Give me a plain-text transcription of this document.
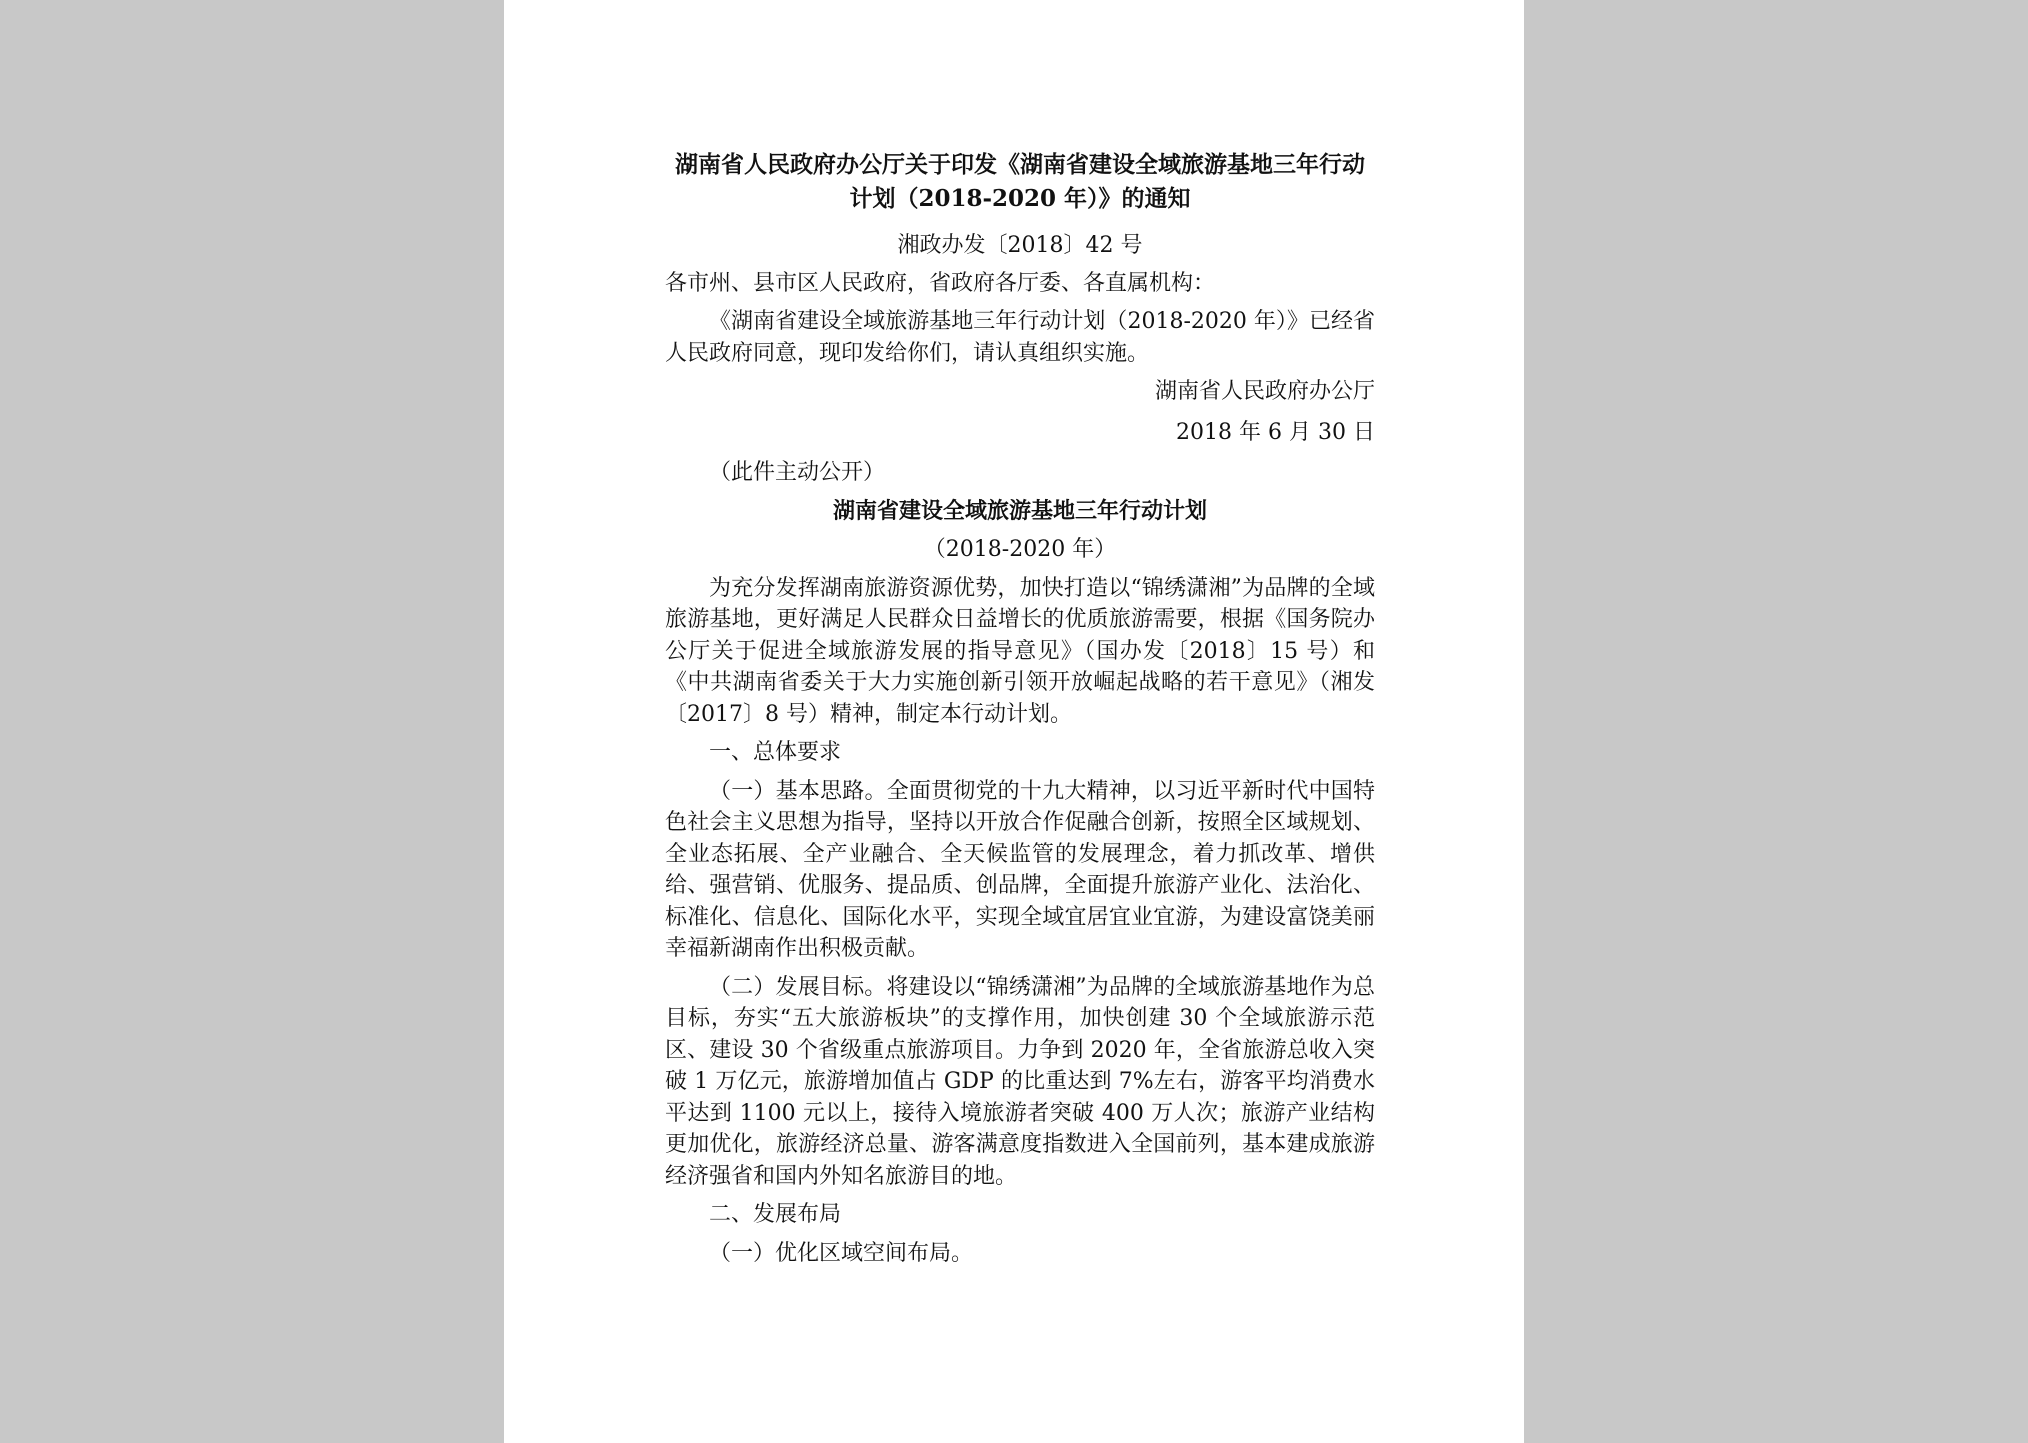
湖南省人民政府办公厅关于印发《湖南省建设全域旅游基地三年行动计划（2018-2020 年）》的通知
湘政办发〔2018〕42 号
各市州、县市区人民政府，省政府各厅委、各直属机构：
《湖南省建设全域旅游基地三年行动计划（2018-2020 年）》已经省人民政府同意，现印发给你们，请认真组织实施。
湖南省人民政府办公厅
2018 年 6 月 30 日
（此件主动公开）
湖南省建设全域旅游基地三年行动计划
（2018-2020 年）
为充分发挥湖南旅游资源优势，加快打造以“锦绣潇湘”为品牌的全域旅游基地，更好满足人民群众日益增长的优质旅游需要，根据《国务院办公厅关于促进全域旅游发展的指导意见》（国办发〔2018〕15 号）和《中共湖南省委关于大力实施创新引领开放崛起战略的若干意见》（湘发〔2017〕8 号）精神，制定本行动计划。
一、总体要求
（一）基本思路。全面贯彻党的十九大精神，以习近平新时代中国特色社会主义思想为指导，坚持以开放合作促融合创新，按照全区域规划、全业态拓展、全产业融合、全天候监管的发展理念，着力抓改革、增供给、强营销、优服务、提品质、创品牌，全面提升旅游产业化、法治化、标准化、信息化、国际化水平，实现全域宜居宜业宜游，为建设富饶美丽幸福新湖南作出积极贡献。
（二）发展目标。将建设以“锦绣潇湘”为品牌的全域旅游基地作为总目标，夯实“五大旅游板块”的支撑作用，加快创建 30 个全域旅游示范区、建设 30 个省级重点旅游项目。力争到 2020 年，全省旅游总收入突破 1 万亿元，旅游增加值占 GDP 的比重达到 7%左右，游客平均消费水平达到 1100 元以上，接待入境旅游者突破 400 万人次；旅游产业结构更加优化，旅游经济总量、游客满意度指数进入全国前列，基本建成旅游经济强省和国内外知名旅游目的地。
二、发展布局
（一）优化区域空间布局。
